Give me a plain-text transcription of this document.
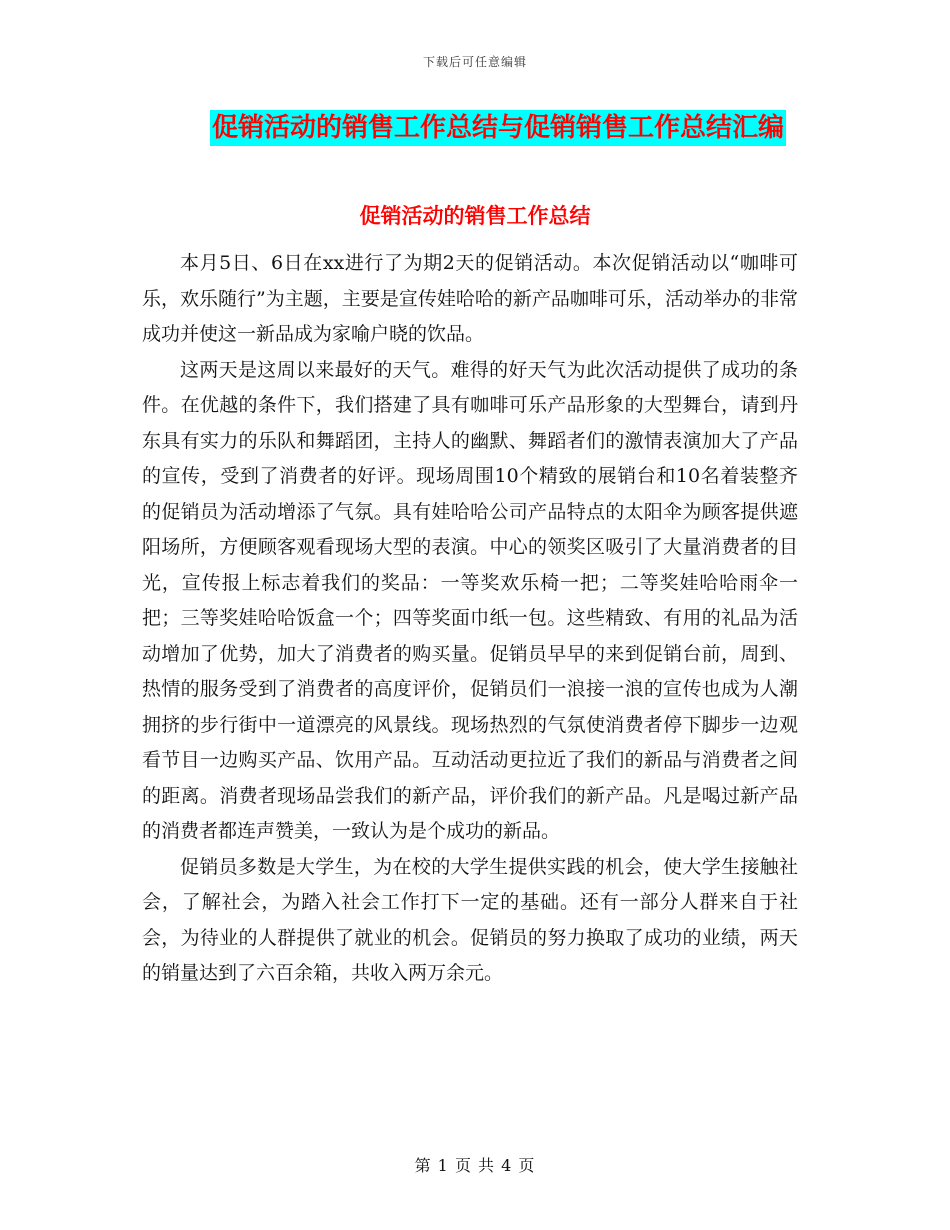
下载后可任意编辑
促销活动的销售工作总结与促销销售工作总结汇编
促销活动的销售工作总结

本月5日、6日在xx进行了为期2天的促销活动。本次促销活动以“咖啡可乐，欢乐随行”为主题，主要是宣传娃哈哈的新产品咖啡可乐，活动举办的非常成功并使这一新品成为家喻户晓的饮品。

这两天是这周以来最好的天气。难得的好天气为此次活动提供了成功的条件。在优越的条件下，我们搭建了具有咖啡可乐产品形象的大型舞台，请到丹东具有实力的乐队和舞蹈团，主持人的幽默、舞蹈者们的激情表演加大了产品的宣传，受到了消费者的好评。现场周围10个精致的展销台和10名着装整齐的促销员为活动增添了气氛。具有娃哈哈公司产品特点的太阳伞为顾客提供遮阳场所，方便顾客观看现场大型的表演。中心的领奖区吸引了大量消费者的目光，宣传报上标志着我们的奖品：一等奖欢乐椅一把；二等奖娃哈哈雨伞一把；三等奖娃哈哈饭盒一个；四等奖面巾纸一包。这些精致、有用的礼品为活动增加了优势，加大了消费者的购买量。促销员早早的来到促销台前，周到、热情的服务受到了消费者的高度评价，促销员们一浪接一浪的宣传也成为人潮拥挤的步行街中一道漂亮的风景线。现场热烈的气氛使消费者停下脚步一边观看节目一边购买产品、饮用产品。互动活动更拉近了我们的新品与消费者之间的距离。消费者现场品尝我们的新产品，评价我们的新产品。凡是喝过新产品的消费者都连声赞美，一致认为是个成功的新品。

促销员多数是大学生，为在校的大学生提供实践的机会，使大学生接触社会，了解社会，为踏入社会工作打下一定的基础。还有一部分人群来自于社会，为待业的人群提供了就业的机会。促销员的努力换取了成功的业绩，两天的销量达到了六百余箱，共收入两万余元。

第 1 页 共 4 页
